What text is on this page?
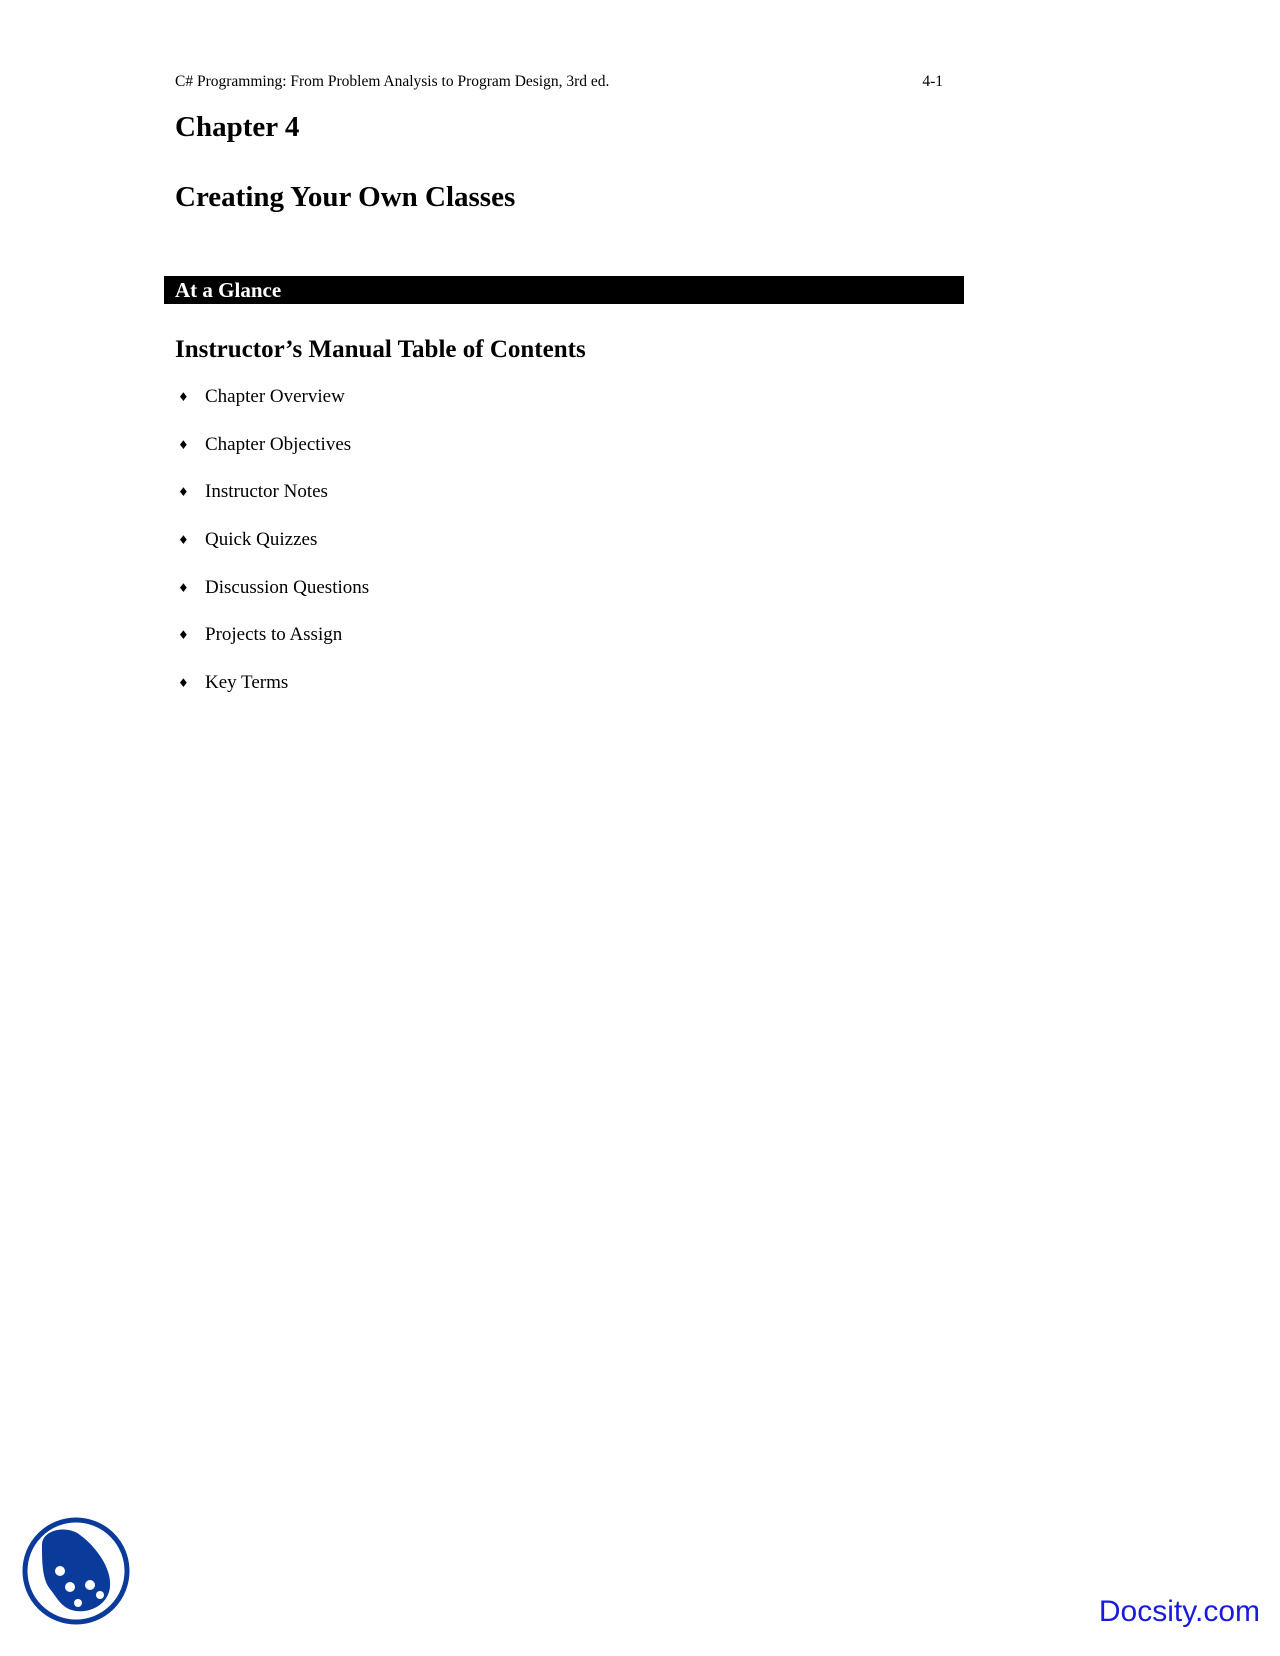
C# Programming: From Problem Analysis to Program Design, 3rd ed.	4-1
Chapter 4
Creating Your Own Classes
At a Glance
Instructor’s Manual Table of Contents
♦ Chapter Overview
♦ Chapter Objectives
♦ Instructor Notes
♦ Quick Quizzes
♦ Discussion Questions
♦ Projects to Assign
♦ Key Terms
Docsity.com
